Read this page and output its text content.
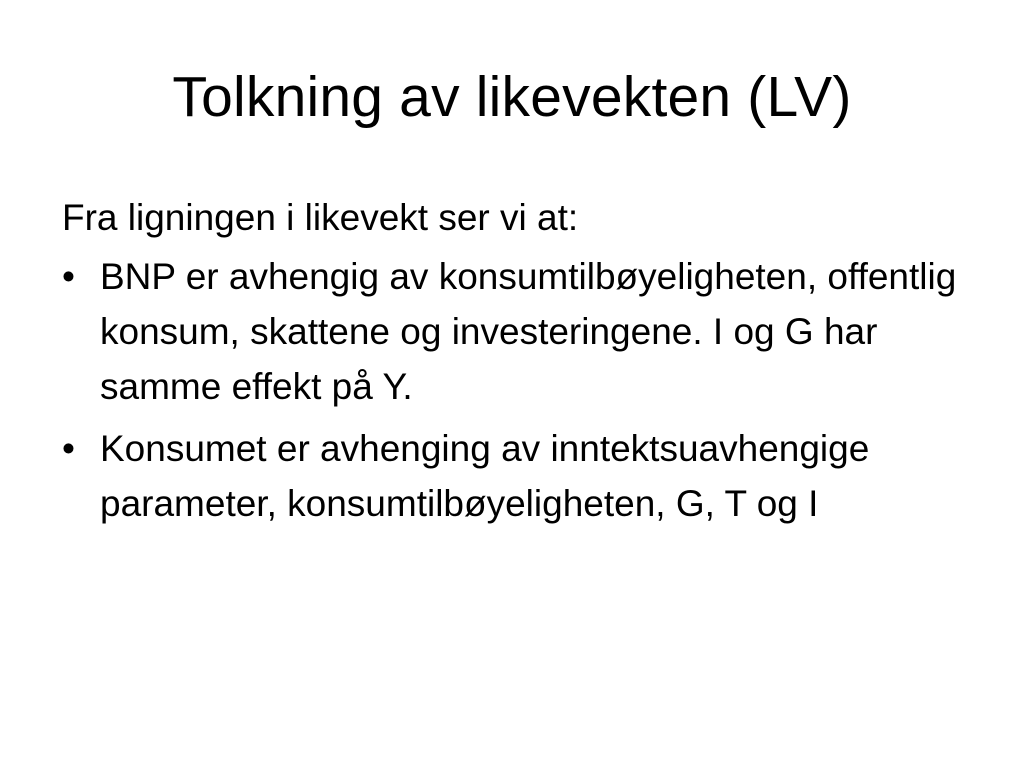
Tolkning av likevekten (LV)

Fra ligningen i likevekt ser vi at:

• BNP er avhengig av konsumtilbøyeligheten, offentlig konsum, skattene og investeringene. I og G har samme effekt på Y.
• Konsumet er avhenging av inntektsuavhengige parameter, konsumtilbøyeligheten, G, T og I
